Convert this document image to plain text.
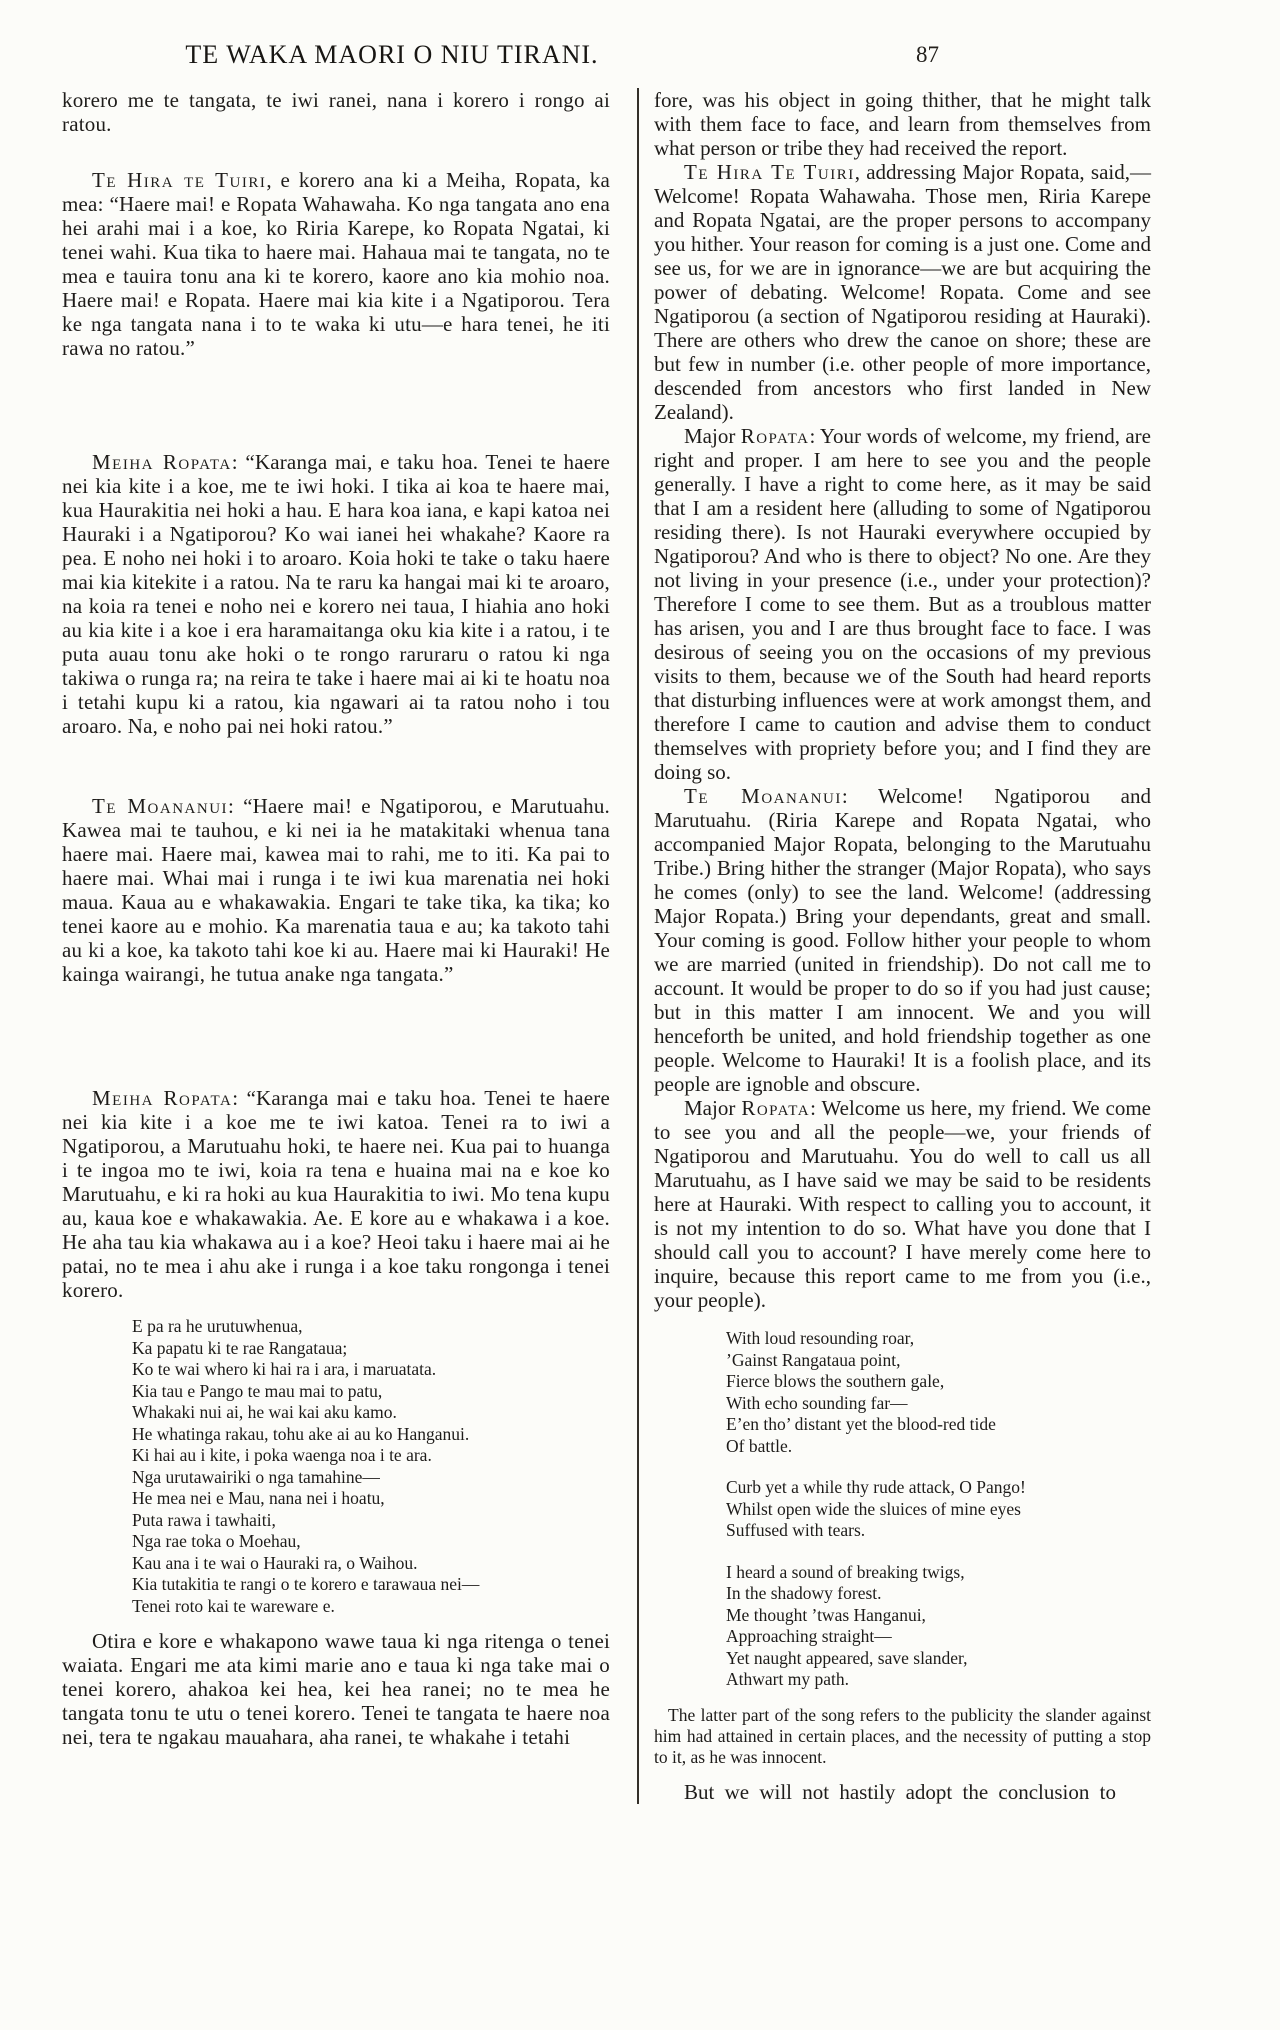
TE WAKA MAORI O NIU TIRANI.	87

korero me te tangata, te iwi ranei, nana i korero i rongo ai ratou.

Te Hira te Tuiri, e korero ana ki a Meiha, Ropata, ka mea: “Haere mai! e Ropata Wahawaha. Ko nga tangata ano ena hei arahi mai i a koe, ko Riria Karepe, ko Ropata Ngatai, ki tenei wahi. Kua tika to haere mai. Hahaua mai te tangata, no te mea e tauira tonu ana ki te korero, kaore ano kia mohio noa. Haere mai! e Ropata. Haere mai kia kite i a Ngatiporou. Tera ke nga tangata nana i to te waka ki utu—e hara tenei, he iti rawa no ratou.”

Meiha Ropata: “Karanga mai, e taku hoa. Tenei te haere nei kia kite i a koe, me te iwi hoki. I tika ai koa te haere mai, kua Haurakitia nei hoki a hau. E hara koa iana, e kapi katoa nei Hauraki i a Ngatiporou? Ko wai ianei hei whakahe? Kaore ra pea. E noho nei hoki i to aroaro. Koia hoki te take o taku haere mai kia kitekite i a ratou. Na te raru ka hangai mai ki te aroaro, na koia ra tenei e noho nei e korero nei taua, I hiahia ano hoki au kia kite i a koe i era haramaitanga oku kia kite i a ratou, i te puta auau tonu ake hoki o te rongo raruraru o ratou ki nga takiwa o runga ra; na reira te take i haere mai ai ki te hoatu noa i tetahi kupu ki a ratou, kia ngawari ai ta ratou noho i tou aroaro. Na, e noho pai nei hoki ratou.”

Te Moananui: “Haere mai! e Ngatiporou, e Marutuahu. Kawea mai te tauhou, e ki nei ia he matakitaki whenua tana haere mai. Haere mai, kawea mai to rahi, me to iti. Ka pai to haere mai. Whai mai i runga i te iwi kua marenatia nei hoki maua. Kaua au e whakawakia. Engari te take tika, ka tika; ko tenei kaore au e mohio. Ka marenatia taua e au; ka takoto tahi au ki a koe, ka takoto tahi koe ki au. Haere mai ki Hauraki! He kainga wairangi, he tutua anake nga tangata.”

Meiha Ropata: “Karanga mai e taku hoa. Tenei te haere nei kia kite i a koe me te iwi katoa. Tenei ra to iwi a Ngatiporou, a Marutuahu hoki, te haere nei. Kua pai to huanga i te ingoa mo te iwi, koia ra tena e huaina mai na e koe ko Marutuahu, e ki ra hoki au kua Haurakitia to iwi. Mo tena kupu au, kaua koe e whakawakia. Ae. E kore au e whakawa i a koe. He aha tau kia whakawa au i a koe? Heoi taku i haere mai ai he patai, no te mea i ahu ake i runga i a koe taku rongonga i tenei korero.

E pa ra he urutuwhenua,
Ka papatu ki te rae Rangataua;
Ko te wai whero ki hai ra i ara, i maruatata.
Kia tau e Pango te mau mai to patu,
Whakaki nui ai, he wai kai aku kamo.
He whatinga rakau, tohu ake ai au ko Hanganui.
Ki hai au i kite, i poka waenga noa i te ara.
Nga urutawairiki o nga tamahine—
He mea nei e Mau, nana nei i hoatu,
Puta rawa i tawhaiti,
Nga rae toka o Moehau,
Kau ana i te wai o Hauraki ra, o Waihou.
Kia tutakitia te rangi o te korero e tarawaua nei—
Tenei roto kai te wareware e.

Otira e kore e whakapono wawe taua ki nga ritenga o tenei waiata. Engari me ata kimi marie ano e taua ki nga take mai o tenei korero, ahakoa kei hea, kei hea ranei; no te mea he tangata tonu te utu o tenei korero. Tenei te tangata te haere noa nei, tera te ngakau mauahara, aha ranei, te whakahe i tetahi

fore, was his object in going thither, that he might talk with them face to face, and learn from themselves from what person or tribe they had received the report.

Te Hira Te Tuiri, addressing Major Ropata, said,—Welcome! Ropata Wahawaha. Those men, Riria Karepe and Ropata Ngatai, are the proper persons to accompany you hither. Your reason for coming is a just one. Come and see us, for we are in ignorance—we are but acquiring the power of debating. Welcome! Ropata. Come and see Ngatiporou (a section of Ngatiporou residing at Hauraki). There are others who drew the canoe on shore; these are but few in number (i.e. other people of more importance, descended from ancestors who first landed in New Zealand).

Major Ropata: Your words of welcome, my friend, are right and proper. I am here to see you and the people generally. I have a right to come here, as it may be said that I am a resident here (alluding to some of Ngatiporou residing there). Is not Hauraki everywhere occupied by Ngatiporou? And who is there to object? No one. Are they not living in your presence (i.e., under your protection)? Therefore I come to see them. But as a troublous matter has arisen, you and I are thus brought face to face. I was desirous of seeing you on the occasions of my previous visits to them, because we of the South had heard reports that disturbing influences were at work amongst them, and therefore I came to caution and advise them to conduct themselves with propriety before you; and I find they are doing so.

Te Moananui: Welcome! Ngatiporou and Marutuahu. (Riria Karepe and Ropata Ngatai, who accompanied Major Ropata, belonging to the Marutuahu Tribe.) Bring hither the stranger (Major Ropata), who says he comes (only) to see the land. Welcome! (addressing Major Ropata.) Bring your dependants, great and small. Your coming is good. Follow hither your people to whom we are married (united in friendship). Do not call me to account. It would be proper to do so if you had just cause; but in this matter I am innocent. We and you will henceforth be united, and hold friendship together as one people. Welcome to Hauraki! It is a foolish place, and its people are ignoble and obscure.

Major Ropata: Welcome us here, my friend. We come to see you and all the people—we, your friends of Ngatiporou and Marutuahu. You do well to call us all Marutuahu, as I have said we may be said to be residents here at Hauraki. With respect to calling you to account, it is not my intention to do so. What have you done that I should call you to account? I have merely come here to inquire, because this report came to me from you (i.e., your people).

With loud resounding roar,
’Gainst Rangataua point,
Fierce blows the southern gale,
With echo sounding far—
E’en tho’ distant yet the blood-red tide
Of battle.
Curb yet a while thy rude attack, O Pango!
Whilst open wide the sluices of mine eyes
Suffused with tears.
I heard a sound of breaking twigs,
In the shadowy forest.
Me thought ’twas Hanganui,
Approaching straight—
Yet naught appeared, save slander,
Athwart my path.

The latter part of the song refers to the publicity the slander against him had attained in certain places, and the necessity of putting a stop to it, as he was innocent.

But we will not hastily adopt the conclusion to
